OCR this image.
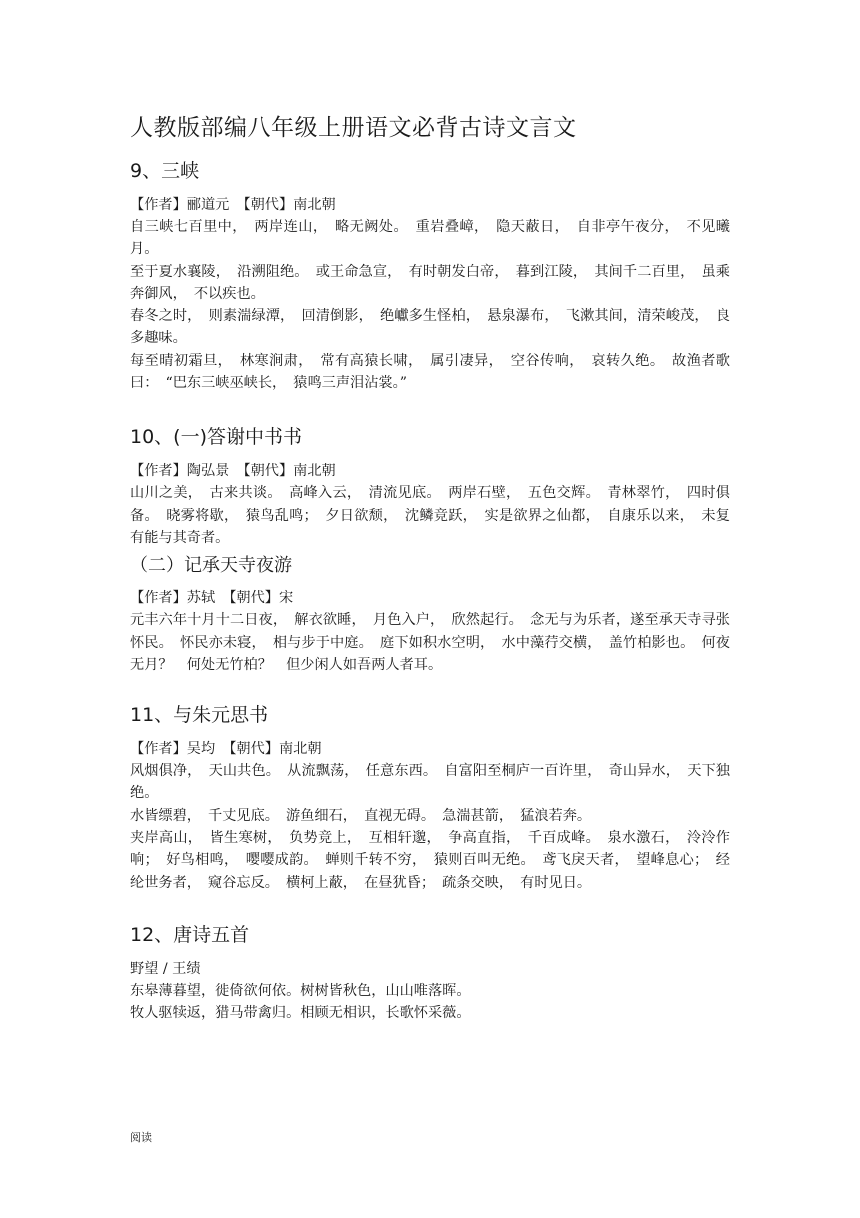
人教版部编八年级上册语文必背古诗文言文
9、三峡

【作者】郦道元　【朝代】南北朝

自三峡七百里中，　两岸连山，　略无阙处。　重岩叠嶂，　隐天蔽日，　自非亭午夜分，　不见曦月。

至于夏水襄陵，　沿溯阻绝。　或王命急宣，　有时朝发白帝，　暮到江陵，　其间千二百里，　虽乘奔御风，　不以疾也。

春冬之时，　则素湍绿潭，　回清倒影，　绝巘多生怪柏，　悬泉瀑布，　飞漱其间，清荣峻茂，　良多趣味。

每至晴初霜旦，　林寒涧肃，　常有高猿长啸，　属引凄异，　空谷传响，　哀转久绝。　故渔者歌曰：　“巴东三峡巫峡长，　猿鸣三声泪沾裳。”

10、(一)答谢中书书

【作者】陶弘景　【朝代】南北朝

山川之美，　古来共谈。　高峰入云，　清流见底。　两岸石壁，　五色交辉。　青林翠竹，　四时俱备。　晓雾将歇，　猿鸟乱鸣；　夕日欲颓，　沈鳞竞跃，　实是欲界之仙都，　自康乐以来，　未复有能与其奇者。

（二）记承天寺夜游

【作者】苏轼　【朝代】宋

元丰六年十月十二日夜，　解衣欲睡，　月色入户，　欣然起行。　念无与为乐者，遂至承天寺寻张怀民。　怀民亦未寝，　相与步于中庭。　庭下如积水空明，　水中藻荇交横，　盖竹柏影也。　何夜无月？　何处无竹柏？　但少闲人如吾两人者耳。

11、与朱元思书

【作者】吴均　【朝代】南北朝

风烟俱净，　天山共色。　从流飘荡，　任意东西。　自富阳至桐庐一百许里，　奇山异水，　天下独绝。

水皆缥碧，　千丈见底。　游鱼细石，　直视无碍。　急湍甚箭，　猛浪若奔。

夹岸高山，　皆生寒树，　负势竞上，　互相轩邈，　争高直指，　千百成峰。　泉水激石，　泠泠作响；　好鸟相鸣，　嘤嘤成韵。　蝉则千转不穷，　猿则百叫无绝。　鸢飞戾天者，　望峰息心；　经纶世务者，　窥谷忘反。　横柯上蔽，　在昼犹昏；　疏条交映，　有时见日。

12、唐诗五首

野望 / 王绩

东皋薄暮望，徙倚欲何依。树树皆秋色，山山唯落晖。

牧人驱犊返，猎马带禽归。相顾无相识，长歌怀采薇。

阅读
